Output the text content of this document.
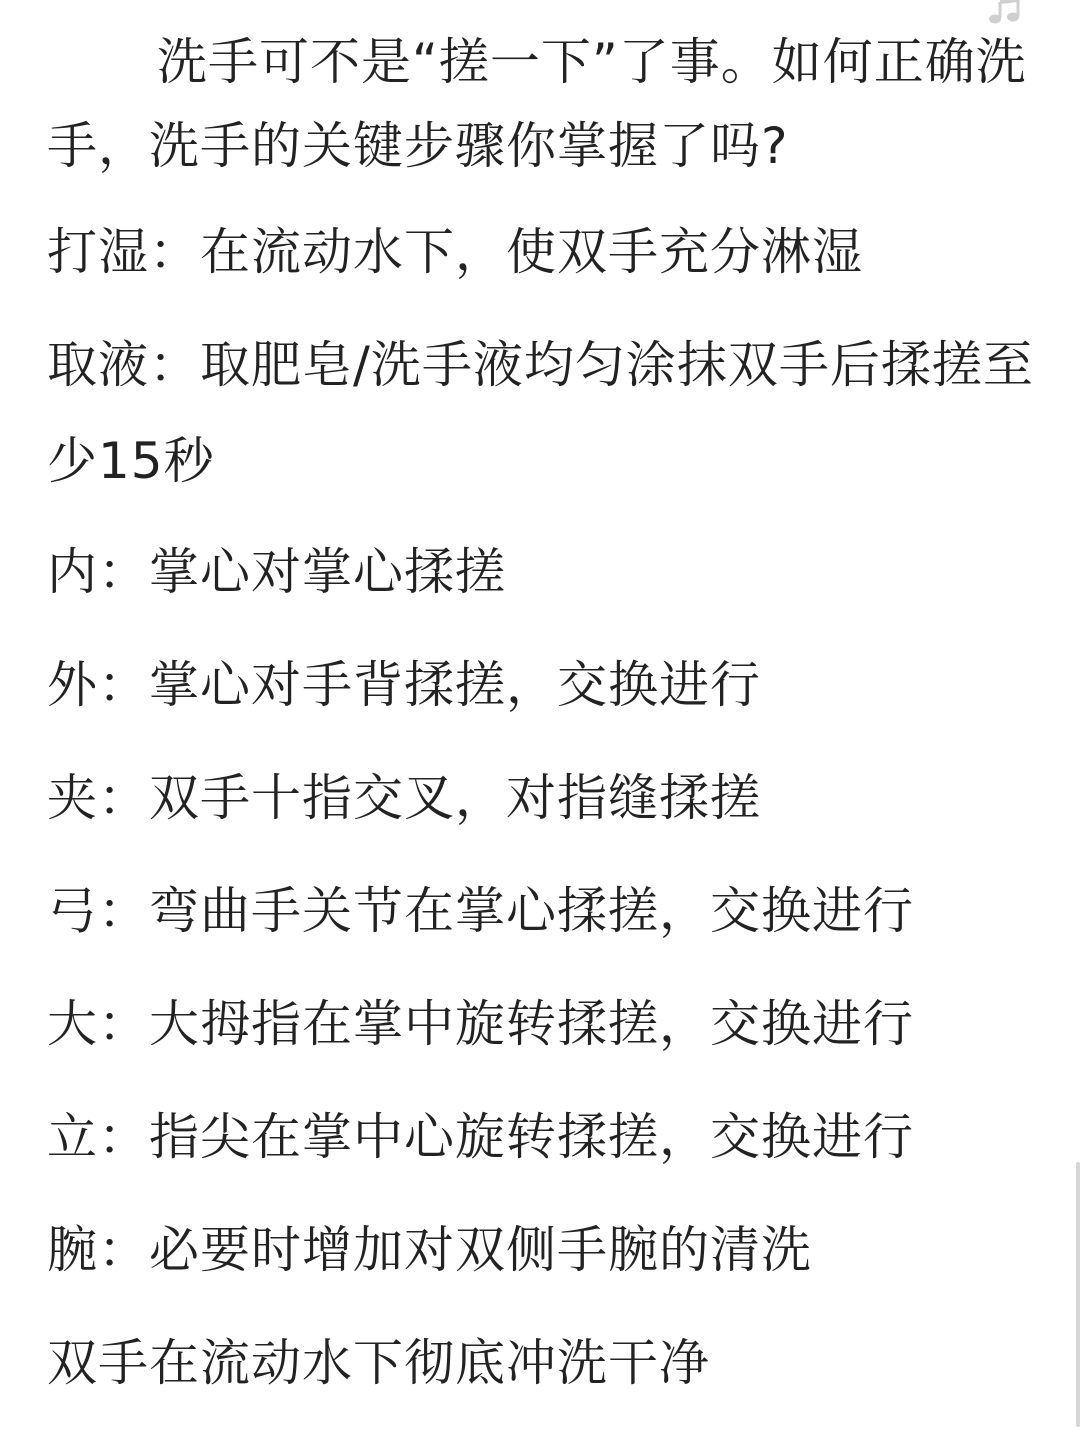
洗手可不是“搓一下”了事。如何正确洗手，洗手的关键步骤你掌握了吗?

打湿：在流动水下，使双手充分淋湿

取液：取肥皂/洗手液均匀涂抹双手后揉搓至少15秒

内：掌心对掌心揉搓

外：掌心对手背揉搓，交换进行

夹：双手十指交叉，对指缝揉搓

弓：弯曲手关节在掌心揉搓，交换进行

大：大拇指在掌中旋转揉搓，交换进行

立：指尖在掌中心旋转揉搓，交换进行

腕：必要时增加对双侧手腕的清洗

双手在流动水下彻底冲洗干净
